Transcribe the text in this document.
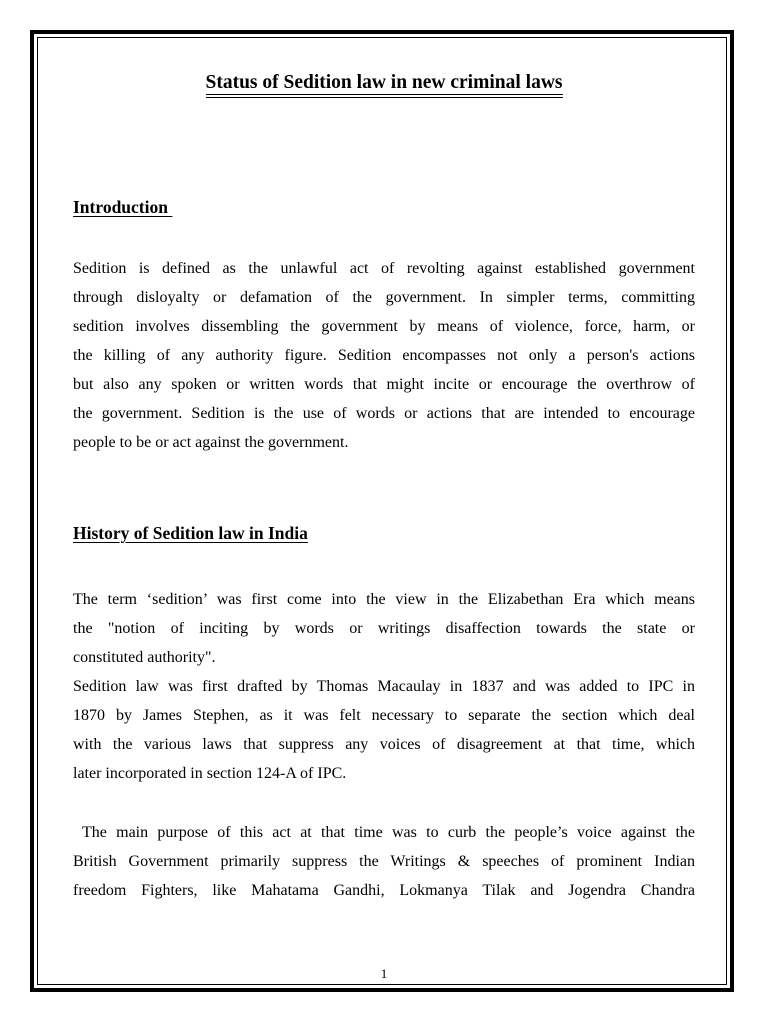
Status of Sedition law in new criminal laws
Introduction
Sedition is defined as the unlawful act of revolting against established government
through disloyalty or defamation of the government. In simpler terms, committing
sedition involves dissembling the government by means of violence, force, harm, or
the killing of any authority figure. Sedition encompasses not only a person's actions
but also any spoken or written words that might incite or encourage the overthrow of
the government. Sedition is the use of words or actions that are intended to encourage
people to be or act against the government.
History of Sedition law in India
The term ‘sedition’ was first come into the view in the Elizabethan Era which means
the "notion of inciting by words or writings disaffection towards the state or
constituted authority".
Sedition law was first drafted by Thomas Macaulay in 1837 and was added to IPC in
1870 by James Stephen, as it was felt necessary to separate the section which deal
with the various laws that suppress any voices of disagreement at that time, which
later incorporated in section 124-A of IPC.
The main purpose of this act at that time was to curb the people’s voice against the
British Government primarily suppress the Writings & speeches of prominent Indian
freedom Fighters, like Mahatama Gandhi, Lokmanya Tilak and Jogendra Chandra
1
